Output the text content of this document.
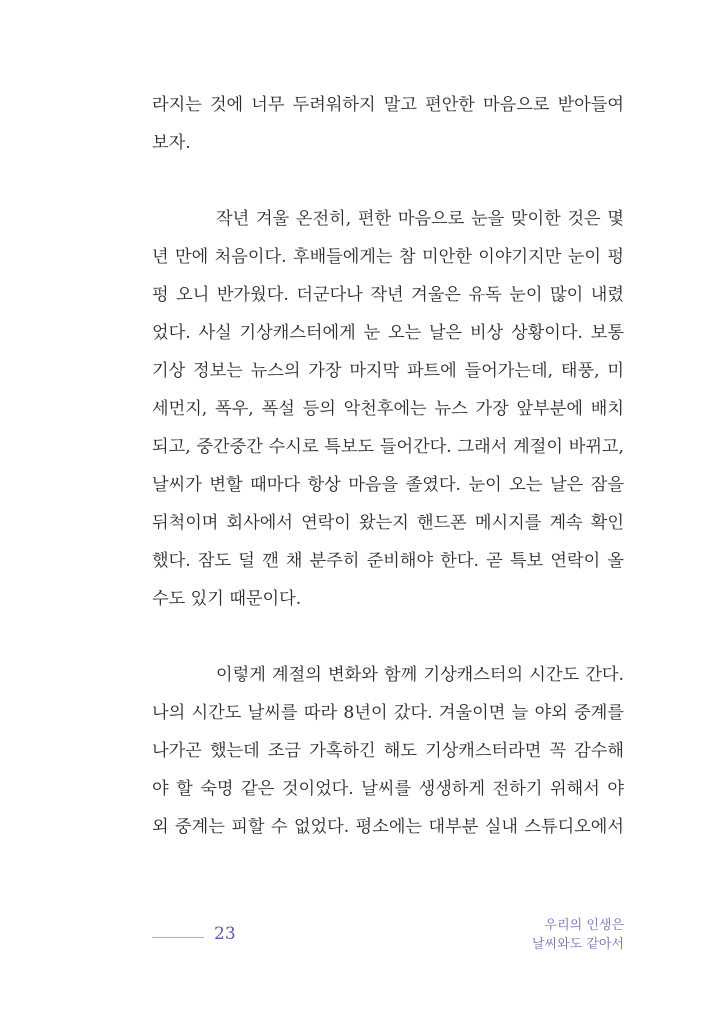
라지는 것에 너무 두려워하지 말고 편안한 마음으로 받아들여
보자.
작년 겨울 온전히, 편한 마음으로 눈을 맞이한 것은 몇
년 만에 처음이다. 후배들에게는 참 미안한 이야기지만 눈이 펑
펑 오니 반가웠다. 더군다나 작년 겨울은 유독 눈이 많이 내렸
었다. 사실 기상캐스터에게 눈 오는 날은 비상 상황이다. 보통
기상 정보는 뉴스의 가장 마지막 파트에 들어가는데, 태풍, 미
세먼지, 폭우, 폭설 등의 악천후에는 뉴스 가장 앞부분에 배치
되고, 중간중간 수시로 특보도 들어간다. 그래서 계절이 바뀌고,
날씨가 변할 때마다 항상 마음을 졸였다. 눈이 오는 날은 잠을
뒤척이며 회사에서 연락이 왔는지 핸드폰 메시지를 계속 확인
했다. 잠도 덜 깬 채 분주히 준비해야 한다. 곧 특보 연락이 올
수도 있기 때문이다.
이렇게 계절의 변화와 함께 기상캐스터의 시간도 간다.
나의 시간도 날씨를 따라 8년이 갔다. 겨울이면 늘 야외 중계를
나가곤 했는데 조금 가혹하긴 해도 기상캐스터라면 꼭 감수해
야 할 숙명 같은 것이었다. 날씨를 생생하게 전하기 위해서 야
외 중계는 피할 수 없었다. 평소에는 대부분 실내 스튜디오에서
23	우리의 인생은
날씨와도 같아서
